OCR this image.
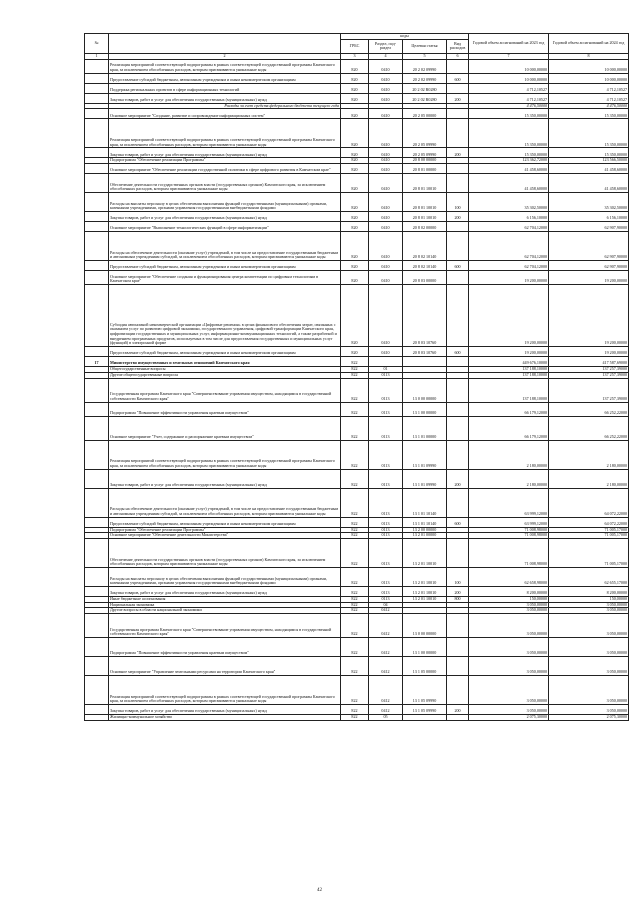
№		коды				Годовой объем ассигнований на 2023 год	Годовой объем ассигнований на 2024 год
		ГРБС	Раздел, под-раздел	Целевая статья	Вид расходов		
1	2	3	4	5	6	7	8
	Реализация мероприятий соответствующей подпрограммы в рамках соответствующей государственной программы Камчатского края, за исключением обособленных расходов, которым присваиваются уникальные коды	820	0410	20 2 02 09990		10 000,00000	10 000,00000
	Предоставление субсидий бюджетным, автономным учреждениям и иным некоммерческим организациям	820	0410	20 2 02 09990	600	10 000,00000	10 000,00000
	Поддержка региональных проектов в сфере информационных технологий	820	0410	20 2 02 R0280		4 712,10527	4 712,10527
	Закупка товаров, работ и услуг для обеспечения государственных (муниципальных) нужд	820	0410	20 2 02 R0280	200	4 712,10527	4 712,10527
	Расходы за счет средств федерального бюджета текущего года					4 476,50000	4 476,50000
	Основное мероприятие "Создание, развитие и сопровождение информационных систем"	820	0410	20 2 05 00000		15 350,00000	15 350,00000
	Реализация мероприятий соответствующей подпрограммы в рамках соответствующей государственной программы Камчатского края, за исключением обособленных расходов, которым присваиваются уникальные коды	820	0410	20 2 05 09990		15 350,00000	15 350,00000
	Закупка товаров, работ и услуг для обеспечения государственных (муниципальных) нужд	820	0410	20 2 05 09990	200	15 350,00000	15 350,00000
	Подпрограмма "Обеспечение реализации Программы"	820	0410	20 8 00 00000		123 362,72000	123 566,50000
	Основное мероприятие "Обеспечение реализации государственной политики в сфере цифрового развития в Камчатском крае"	820	0410	20 8 01 00000		41 458,60000	41 458,60000
	Обеспечение деятельности государственных органов власти (государственных органов) Камчатского края, за исключением обособленных расходов, которым присваиваются уникальные коды	820	0410	20 8 01 10010		41 458,60000	41 458,60000
	Расходы на выплаты персоналу в целях обеспечения выполнения функций государственными (муниципальными) органами, казенными учреждениями, органами управления государственными внебюджетными фондами	820	0410	20 8 01 10010	100	35 302,50000	35 302,50000
	Закупка товаров, работ и услуг для обеспечения государственных (муниципальных) нужд	820	0410	20 8 01 10010	200	6 156,10000	6 156,10000
	Основное мероприятие "Выполнение технологических функций в сфере информатизации"	820	0410	20 8 02 00000		62 704,12000	62 907,90000
	Расходы на обеспечение деятельности (оказание услуг) учреждений, в том числе на предоставление государственным бюджетным и автономным учреждениям субсидий, за исключением обособленных расходов, которым присваиваются уникальные коды	820	0410	20 8 02 10140		62 704,12000	62 907,90000
	Предоставление субсидий бюджетным, автономным учреждениям и иным некоммерческим организациям	820	0410	20 8 02 10140	600	62 704,12000	62 907,90000
	Основное мероприятие "Обеспечение создания и функционирования центра компетенции по цифровым технологиям в Камчатском крае"	820	0410	20 8 03 00000		19 200,00000	19 200,00000
	Субсидия автономной некоммерческой организации «Цифровые решения» в целях финансового обеспечения затрат, связанных с оказанием услуг по развитию цифровой экономики, государственного управления, цифровой трансформации Камчатского края, цифровизации государственных и муниципальных услуг, информационно-коммуникационных технологий, а также разработкой и внедрением программных продуктов, используемых в том числе для предоставления государственных и муниципальных услуг (функций) в электронной форме	820	0410	20 8 03 10760		19 200,00000	19 200,00000
	Предоставление субсидий бюджетным, автономным учреждениям и иным некоммерческим организациям	820	0410	20 8 03 10760	600	19 200,00000	19 200,00000
17	Министерство имущественных и земельных отношений Камчатского края	822				449 676,10000	417 587,69000
	Общегосударственные вопросы	822	01			137 188,10000	137 257,39000
	Другие общегосударственные вопросы	822	0113			137 188,10000	137 257,39000
	Государственная программа Камчатского края "Совершенствование управления имуществом, находящимся в государственной собственности Камчатского края"	822	0113	13 0 00 00000		137 188,10000	137 257,39000
	Подпрограмма "Повышение эффективности управления краевым имуществом"	822	0113	13 1 00 00000		66 179,12000	66 252,22000
	Основное мероприятие "Учет, содержание и распоряжение краевым имуществом"	822	0113	13 1 01 00000		66 179,12000	66 252,22000
	Реализация мероприятий соответствующей подпрограммы в рамках соответствующей государственной программы Камчатского края, за исключением обособленных расходов, которым присваиваются уникальные коды	822	0113	13 1 01 09990		2 180,00000	2 180,00000
	Закупка товаров, работ и услуг для обеспечения государственных (муниципальных) нужд	822	0113	13 1 01 09990	200	2 180,00000	2 180,00000
	Расходы на обеспечение деятельности (оказание услуг) учреждений, в том числе на предоставление государственным бюджетным и автономным учреждениям субсидий, за исключением обособленных расходов, которым присваиваются уникальные коды	822	0113	13 1 01 10140		63 999,12000	64 072,22000
	Предоставление субсидий бюджетным, автономным учреждениям и иным некоммерческим организациям	822	0113	13 1 01 10140	600	63 999,12000	64 072,22000
	Подпрограмма "Обеспечение реализации Программы"	822	0113	13 2 00 00000		71 008,98000	71 005,17000
	Основное мероприятие "Обеспечение деятельности Министерства"	822	0113	13 2 01 00000		71 008,98000	71 005,17000
	Обеспечение деятельности государственных органов власти (государственных органов) Камчатского края, за исключением обособленных расходов, которым присваиваются уникальные коды	822	0113	13 2 01 10010		71 008,98000	71 005,17000
	Расходы на выплаты персоналу в целях обеспечения выполнения функций государственными (муниципальными) органами, казенными учреждениями, органами управления государственными внебюджетными фондами	822	0113	13 2 01 10010	100	62 658,98000	62 655,17000
	Закупка товаров, работ и услуг для обеспечения государственных (муниципальных) нужд	822	0113	13 2 01 10010	200	8 200,00000	8 200,00000
	Иные бюджетные ассигнования	822	0113	13 2 01 10010	800	150,00000	150,00000
	Национальная экономика	822	04			3 050,00000	3 050,00000
	Другие вопросы в области национальной экономики	822	0412			3 050,00000	3 050,00000
	Государственная программа Камчатского края "Совершенствование управления имуществом, находящимся в государственной собственности Камчатского края"	822	0412	13 0 00 00000		3 050,00000	3 050,00000
	Подпрограмма "Повышение эффективности управления краевым имуществом"	822	0412	13 1 00 00000		3 050,00000	3 050,00000
	Основное мероприятие "Управление земельными ресурсами на территории Камчатского края"	822	0412	13 1 05 00000		3 050,00000	3 050,00000
	Реализация мероприятий соответствующей подпрограммы в рамках соответствующей государственной программы Камчатского края, за исключением обособленных расходов, которым присваиваются уникальные коды	822	0412	13 1 05 09990		3 050,00000	3 050,00000
	Закупка товаров, работ и услуг для обеспечения государственных (муниципальных) нужд	822	0412	13 1 05 09990	200	3 050,00000	3 050,00000
	Жилищно-коммунальное хозяйство	822	05			2 075,30000	2 075,30000
42
